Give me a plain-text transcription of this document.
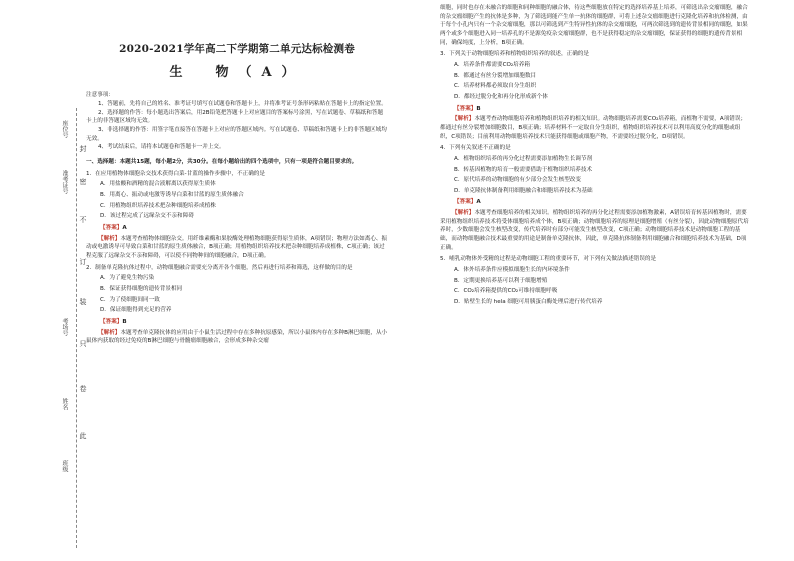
封
密
不
订
装
只
卷
此
座位号
准考证号
考场号
姓名
班级
2020-2021学年高二下学期第二单元达标检测卷
生　物（A）

注意事项：

1、答题前，先将自己的姓名、准考证号填写在试题卷和答题卡上，并将准考证号条形码粘贴在答题卡上的指定位置。

2、选择题的作答：每小题选出答案后，用2B铅笔把答题卡上对应题目的答案标号涂黑，写在试题卷、草稿纸和答题卡上的非答题区域均无效。

3、非选择题的作答：用签字笔直接答在答题卡上对应的答题区域内。写在试题卷、草稿纸和答题卡上的非答题区域均无效。

4、考试结束后，请将本试题卷和答题卡一并上交。

一、选择题：本题共15题，每小题2分，共30分。在每小题给出的四个选项中，只有一项是符合题目要求的。

1．在应用植物体细胞杂交技术获得白菜-甘蓝的操作步骤中，不正确的是

A．用盐酸和酒精的混合液解离以获得原生质体

B．用离心、振动或电激等诱导白菜和甘蓝的原生质体融合

C．用植物组织培养技术把杂种细胞培养成植株

D．该过程完成了远缘杂交不亲和障碍

【答案】A

【解析】本题考查植物体细胞杂交。用纤维素酶和果胶酶处理植物细胞获得原生质体，A项错误；物理方法如离心、振动或电激诱导可导致白菜和甘蓝的原生质体融合，B项正确；用植物组织培养技术把杂种细胞培养成植株，C项正确；该过程克服了远缘杂交不亲和障碍，可以使不同物种间的细胞融合，D项正确。

2．制备单克隆抗体过程中，动物细胞融合需要充分离开各个细胞，然后再进行培养和筛选，这样做的目的是

A．为了避免生物污染

B．保证获得细胞的遗传背景相同

C．为了使细胞间同一致

D．保证细胞得到充足的营养

【答案】B

【解析】本题考查单克隆抗体的应用由于小鼠生活过程中存在多种抗原感染，所以小鼠体内存在多种B淋巴细胞，从小鼠体内获取的经过免疫的B淋巴细胞与骨髓瘤细胞融合，会形成多种杂交瘤

细胞，同时也存在未融合的细胞和同种细胞的融合体，待这些细胞放在特定的选择培养基上培养，可筛选出杂交瘤细胞，融合的杂交瘤细胞产生的抗体是多种，为了筛选到能产生单一抗体的细胞群，可将上述杂交瘤细胞进行克隆化培养和抗体检测，由于每个小孔内只有一个杂交瘤细胞，那以可筛选到产生特异性抗体的杂交瘤细胞，可两次筛选到的遗传背景相同的细胞，如果两个或多个细胞进入同一培养孔的不是源免疫杂交瘤细胞群，也不是获得稳定的杂交瘤细胞，保证获得的细胞的遗传背景相同，确保纯度，上分析，B项正确。

3．下列关于动物细胞培养和植物组织培养的叙述，正确的是

A．培养条件都需要CO₂培养箱

B．都通过有丝分裂增加细胞数目

C．培养材料都必须取自分生组织

D．都经过脱分化和再分化形成新个体

【答案】B

【解析】本题考查动物细胞培养和植物组织培养的相关知识。动物细胞培养需要CO₂培养箱，而植物不需要，A项错误；都通过有丝分裂增加细胞数目，B项正确；培养材料不一定取自分生组织，植物组织培养技术可以利用高度分化的细胞或组织，C项错误；目前利用动物细胞培养技术只能获得细胞或细胞产物，不需要经过脱分化，D项错误。

4．下列有关叙述不正确的是

A．植物组织培养的再分化过程需要添加植物生长调节剂

B．转基因植物的培育一般需要借助于植物组织培养技术

C．原代培养的动物细胞的有少部分会发生核型改变

D．单克隆抗体制备利用细胞融合和细胞培养技术为基础

【答案】A

【解析】本题考查细胞培养的相关知识。植物组织培养的再分化过程需要添加植物激素，A错误培育转基因植物时，需要采用植物组织培养技术将受体细胞培养成个体，B项正确；动物细胞培养的原理是细胞增殖（有丝分裂），因此动物细胞原代培养时，少数细胞会发生核型改变，传代培养时有部分可能发生核型改变，C项正确；动物细胞培养技术是动物细胞工程的基础，而动物细胞融合技术最重要的用途是制备单克隆抗体，因此，单克隆抗体制备利用细胞融合和细胞培养技术为基础，D项正确。

5．哺乳动物体外受精的过程是动物细胞工程的重要环节，对下列有关做法描述错误的是

A．体外培养条件应模拟细胞生长的内环境条件

B．定期更换培养基可以利于细胞增殖

C．CO₂培养箱提供的CO₂可维持细胞呼吸

D．贴壁生长的 hela 细胞可用胰蛋白酶处理后进行传代培养
